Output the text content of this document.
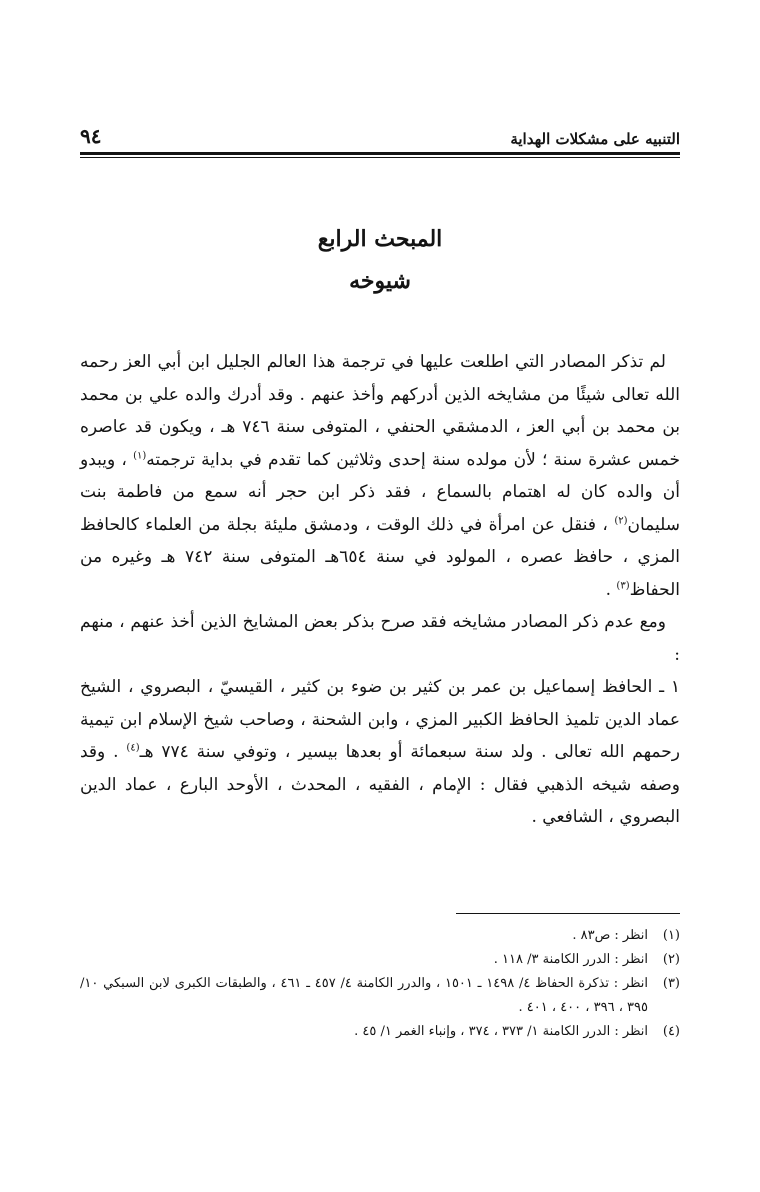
التنبيه على مشكلات الهداية
٩٤
المبحث الرابع
شيوخه

لم تذكر المصادر التي اطلعت عليها في ترجمة هذا العالم الجليل ابن أبي العز رحمه الله تعالى شيئًا من مشايخه الذين أدركهم وأخذ عنهم . وقد أدرك والده علي بن محمد بن محمد بن أبي العز ، الدمشقي الحنفي ، المتوفى سنة ٧٤٦ هـ ، ويكون قد عاصره خمس عشرة سنة ؛ لأن مولده سنة إحدى وثلاثين كما تقدم في بداية ترجمته$^{(١)}$ ، ويبدو أن والده كان له اهتمام بالسماع ، فقد ذكر ابن حجر أنه سمع من فاطمة بنت سليمان$^{(٢)}$ ، فنقل عن امرأة في ذلك الوقت ، ودمشق مليئة بجلة من العلماء كالحافظ المزي ، حافظ عصره ، المولود في سنة ٦٥٤هـ المتوفى سنة ٧٤٢ هـ وغيره من الحفاظ$^{(٣)}$ .

ومع عدم ذكر المصادر مشايخه فقد صرح بذكر بعض المشايخ الذين أخذ عنهم ، منهم :

١ ـ الحافظ إسماعيل بن عمر بن كثير بن ضوء بن كثير ، القيسيّ ، البصروي ، الشيخ عماد الدين تلميذ الحافظ الكبير المزي ، وابن الشحنة ، وصاحب شيخ الإسلام ابن تيمية رحمهم الله تعالى . ولد سنة سبعمائة أو بعدها بيسير ، وتوفي سنة ٧٧٤ هـ$^{(٤)}$ . وقد وصفه شيخه الذهبي فقال : الإمام ، الفقيه ، المحدث ، الأوحد البارع ، عماد الدين البصروي ، الشافعي .

(١)
انظر : ص٨٣ .
(٢)
انظر : الدرر الكامنة ٣/ ١١٨ .
(٣)
انظر : تذكرة الحفاظ ٤/ ١٤٩٨ ـ ١٥٠١ ، والدرر الكامنة ٤/ ٤٥٧ ـ ٤٦١ ، والطبقات الكبرى لابن السبكي ١٠/ ٣٩٥ ، ٣٩٦ ، ٤٠٠ ، ٤٠١ .
(٤)
انظر : الدرر الكامنة ١/ ٣٧٣ ، ٣٧٤ ، وإنباء الغمر ١/ ٤٥ .
